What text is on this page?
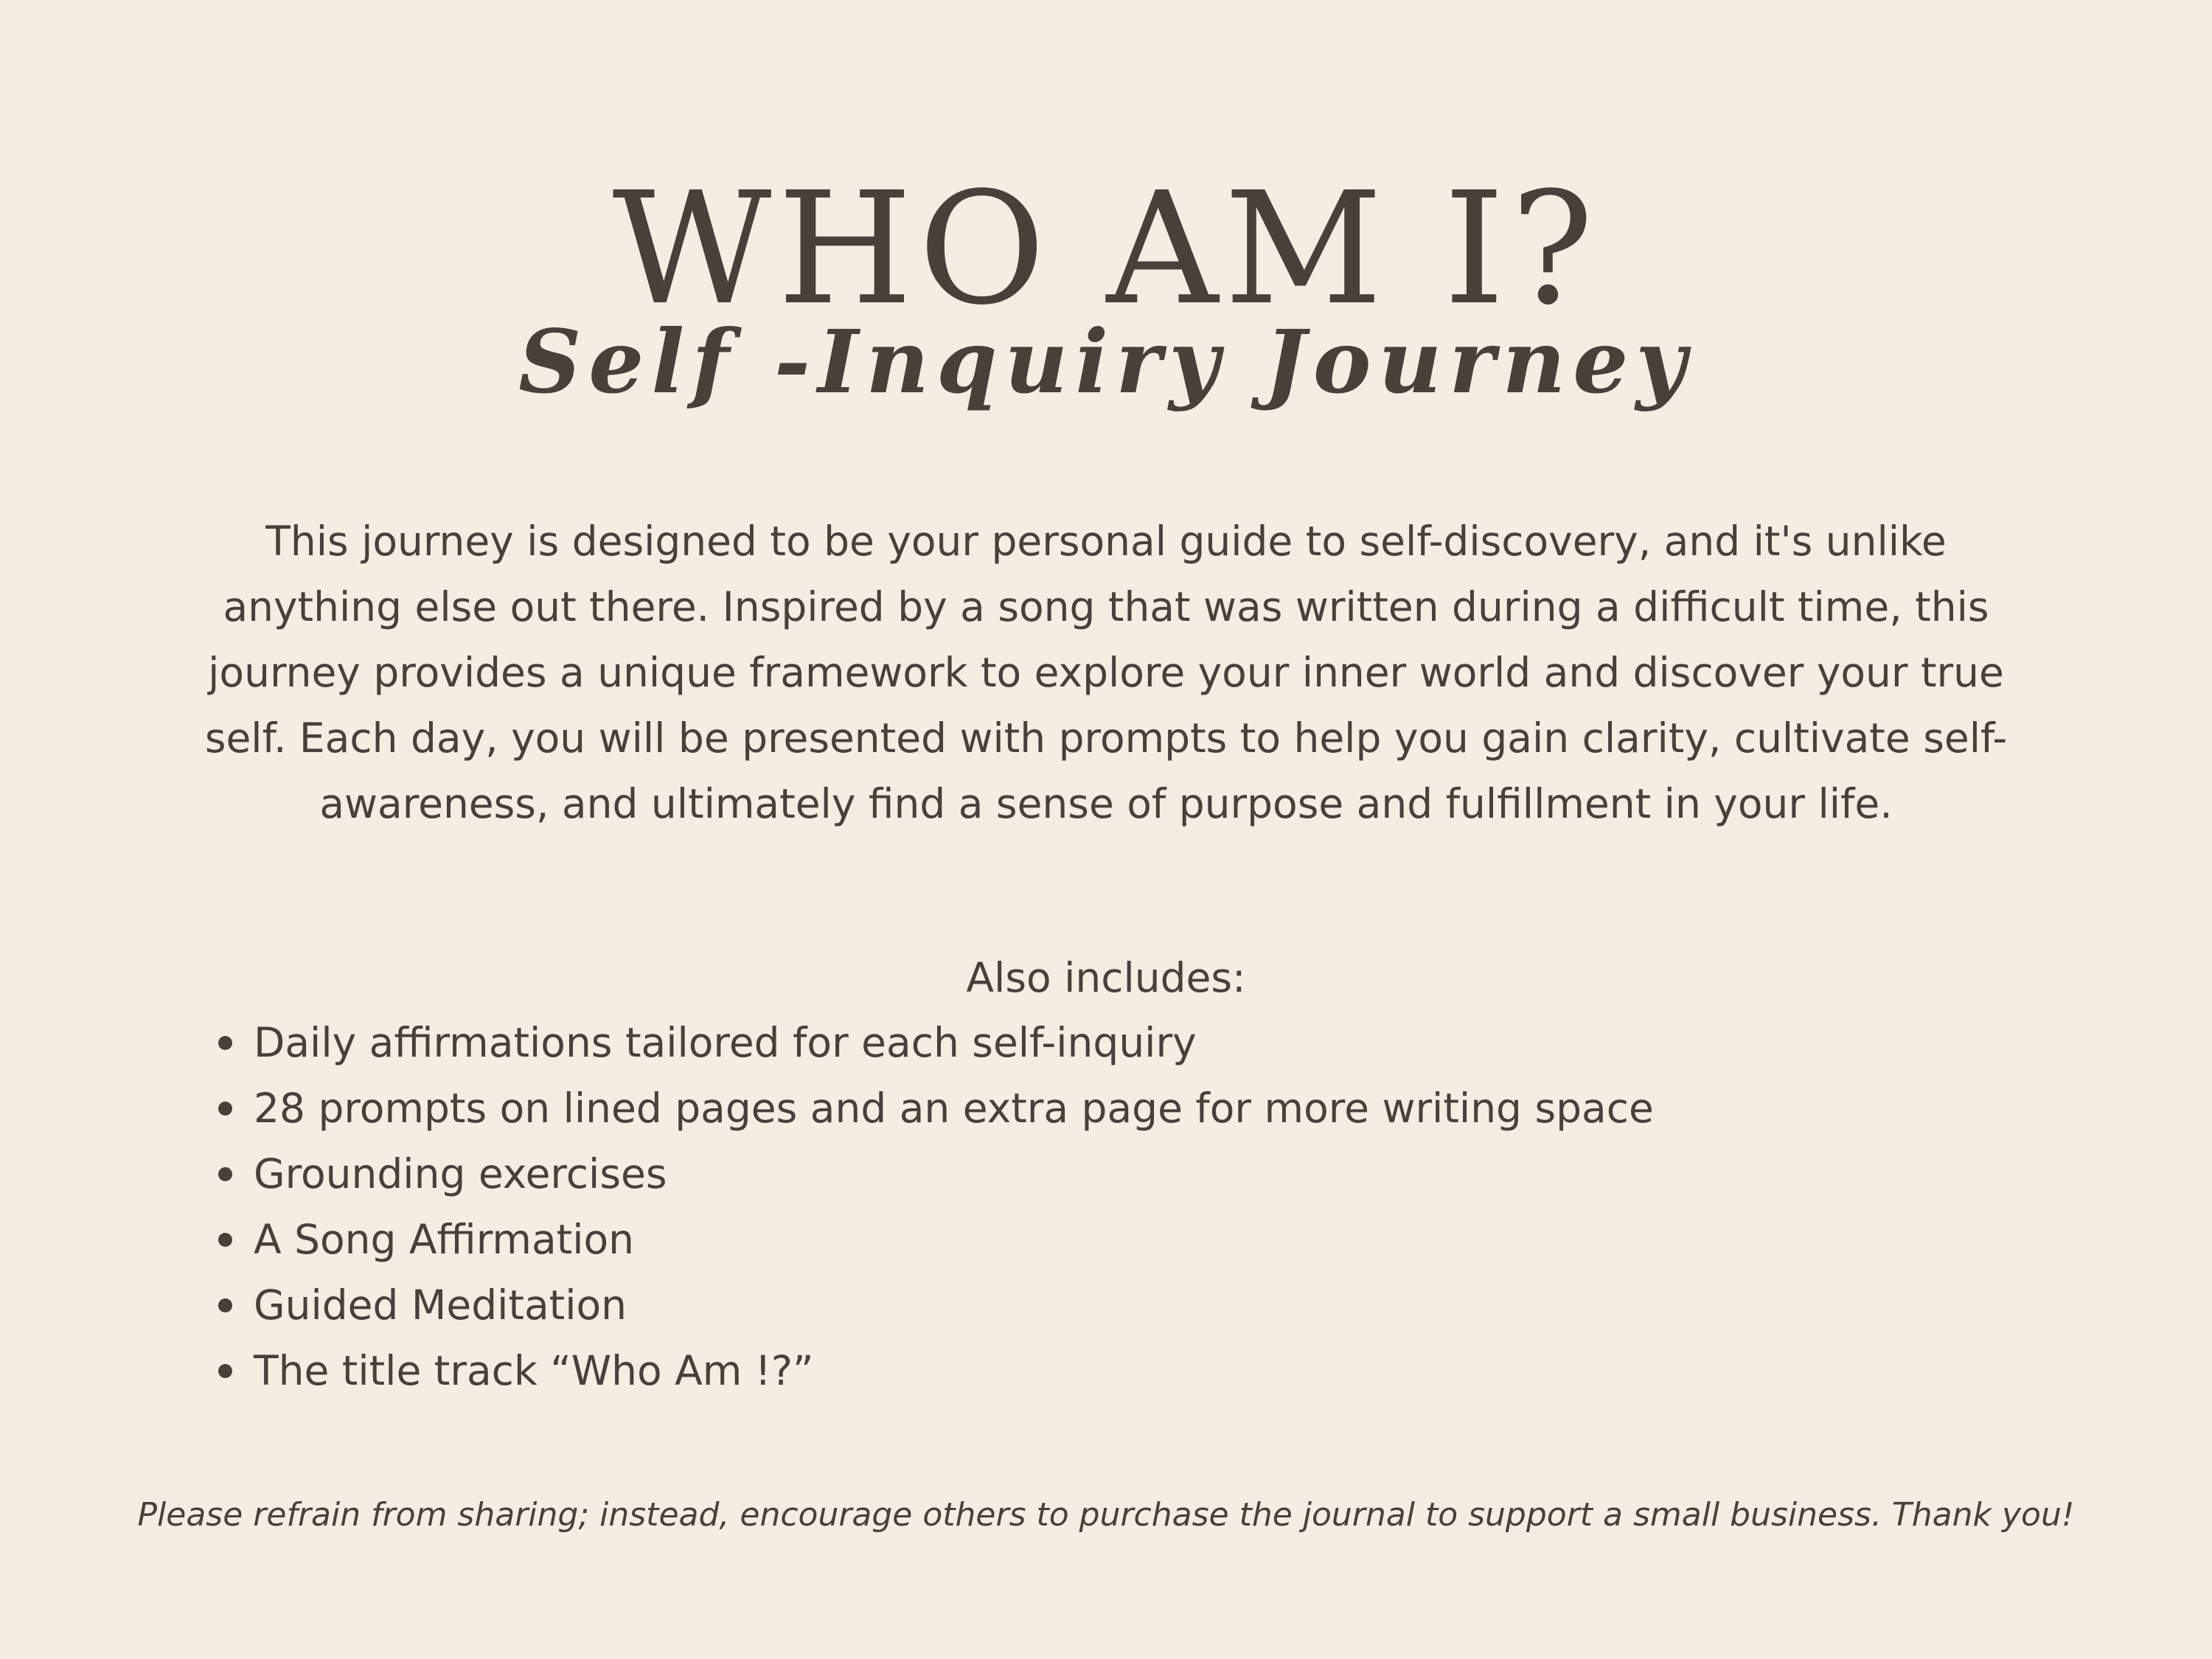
WHO AM I?
Self -Inquiry Journey

This journey is designed to be your personal guide to self-discovery, and it's unlike anything else out there. Inspired by a song that was written during a difficult time, this journey provides a unique framework to explore your inner world and discover your true self. Each day, you will be presented with prompts to help you gain clarity, cultivate self-awareness, and ultimately find a sense of purpose and fulfillment in your life.

Also includes:

Daily affirmations tailored for each self-inquiry
28 prompts on lined pages and an extra page for more writing space
Grounding exercises
A Song Affirmation
Guided Meditation
The title track “Who Am !?”

Please refrain from sharing; instead, encourage others to purchase the journal to support a small business. Thank you!
